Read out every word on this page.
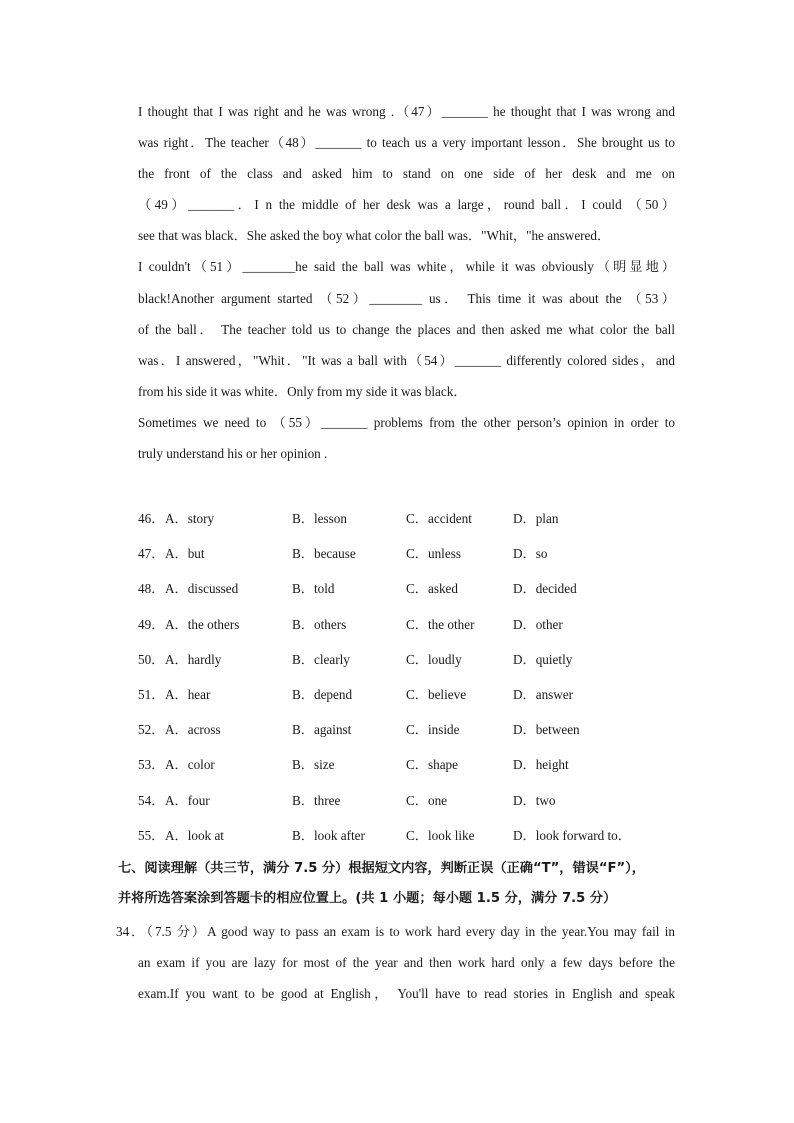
I thought that I was right and he was wrong .（47）_______ he thought that I was wrong and
was right．The teacher（48）_______ to teach us a very important lesson．She brought us to
the front of the class and asked him to stand on one side of her desk and me on
（49）_______．I n the middle of her desk was a large，round ball．I could （50）
see that was black．She asked the boy what color the ball was．"Whit，"he answered．
I couldn't（51）________he said the ball was white，while it was obviously（明显地）
black!Another argument started （52）________ us． This time it was about the （53）
of the ball． The teacher told us to change the places and then asked me what color the ball
was．I answered，"Whit．"It was a ball with（54）_______ differently colored sides，and
from his side it was white．Only from my side it was black．
Sometimes we need to （55）_______ problems from the other person’s opinion in order to
truly understand his or her opinion .
46． A．story	B．lesson	C．accident	D．plan
47． A．but	B．because	C．unless	D．so
48． A．discussed	B．told	C．asked	D．decided
49． A．the others	B．others	C．the other	D．other
50． A．hardly	B．clearly	C．loudly	D．quietly
51． A．hear	B．depend	C．believe	D．answer
52． A．across	B．against	C．inside	D．between
53． A．color	B．size	C．shape	D．height
54． A．four	B．three	C．one	D．two
55． A．look at	B．look after	C．look like	D．look forward to．
七、阅读理解（共三节，满分 7.5 分）根据短文内容，判断正误（正确“T”，错误“F”），
并将所选答案涂到答题卡的相应位置上。(共 1 小题；每小题 1.5 分，满分 7.5 分）
34．（7.5 分）A good way to pass an exam is to work hard every day in the year.You may fail in
an exam if you are lazy for most of the year and then work hard only a few days before the
exam.If you want to be good at English， You'll have to read stories in English and speak
